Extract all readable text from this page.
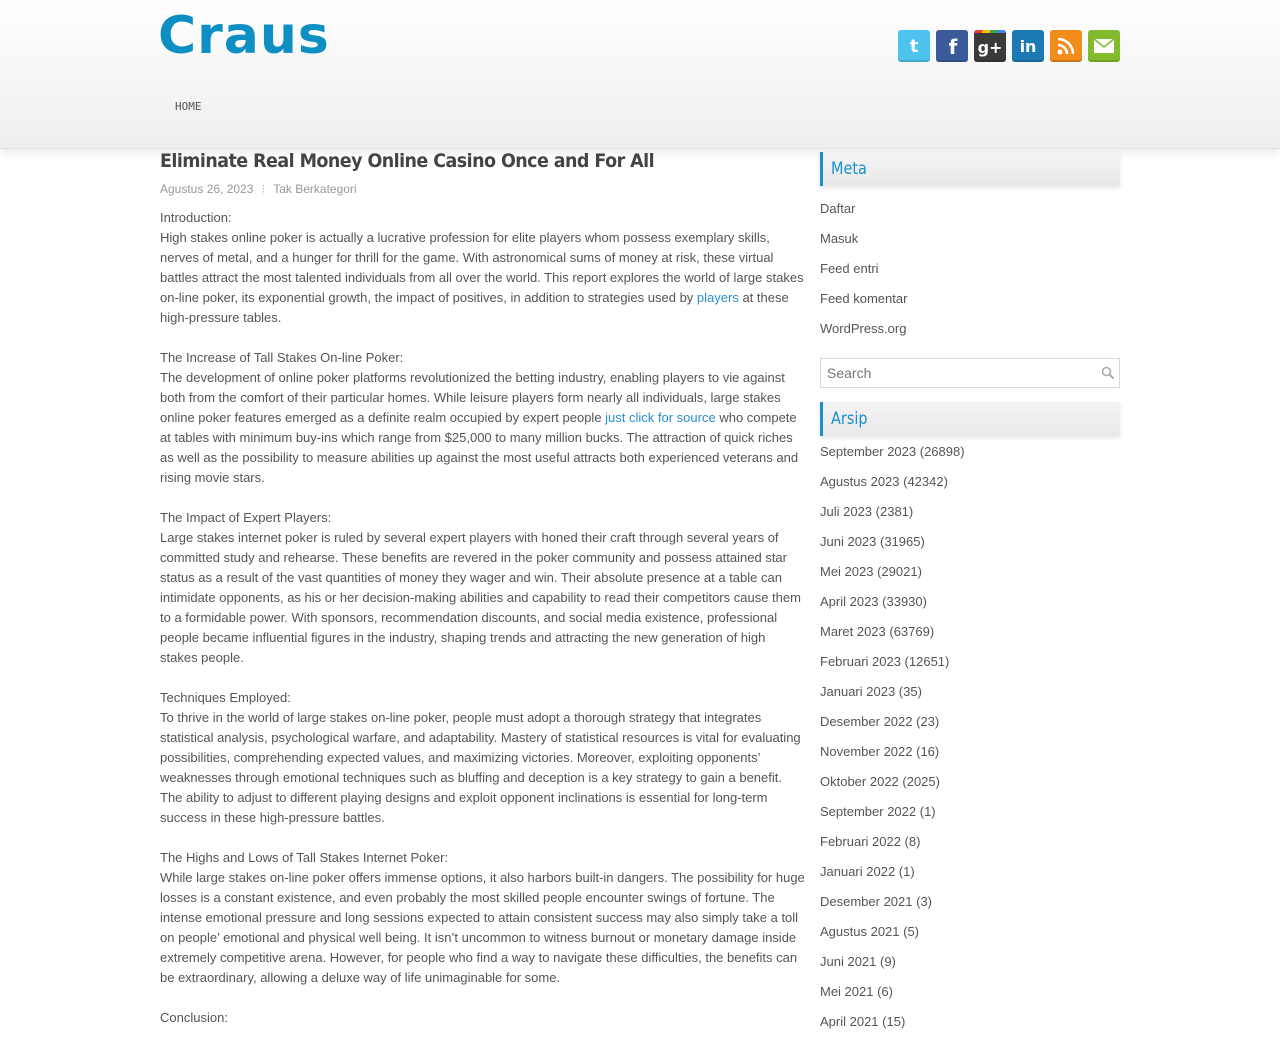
Craus	t f g+ in
HOME
Eliminate Real Money Online Casino Once and For All
Agustus 26, 2023 ⁝ Tak Berkategori

Introduction:
High stakes online poker is actually a lucrative profession for elite players whom possess exemplary skills, nerves of metal, and a hunger for thrill for the game. With astronomical sums of money at risk, these virtual battles attract the most talented individuals from all over the world. This report explores the world of large stakes on-line poker, its exponential growth, the impact of positives, in addition to strategies used by players at these high-pressure tables.

The Increase of Tall Stakes On-line Poker:
The development of online poker platforms revolutionized the betting industry, enabling players to vie against both from the comfort of their particular homes. While leisure players form nearly all individuals, large stakes online poker features emerged as a definite realm occupied by expert people just click for source who compete at tables with minimum buy-ins which range from $25,000 to many million bucks. The attraction of quick riches as well as the possibility to measure abilities up against the most useful attracts both experienced veterans and rising movie stars.

The Impact of Expert Players:
Large stakes internet poker is ruled by several expert players with honed their craft through several years of committed study and rehearse. These benefits are revered in the poker community and possess attained star status as a result of the vast quantities of money they wager and win. Their absolute presence at a table can intimidate opponents, as his or her decision-making abilities and capability to read their competitors cause them to a formidable power. With sponsors, recommendation discounts, and social media existence, professional people became influential figures in the industry, shaping trends and attracting the new generation of high stakes people.

Techniques Employed:
To thrive in the world of large stakes on-line poker, people must adopt a thorough strategy that integrates statistical analysis, psychological warfare, and adaptability. Mastery of statistical resources is vital for evaluating possibilities, comprehending expected values, and maximizing victories. Moreover, exploiting opponents’ weaknesses through emotional techniques such as bluffing and deception is a key strategy to gain a benefit. The ability to adjust to different playing designs and exploit opponent inclinations is essential for long-term success in these high-pressure battles.

The Highs and Lows of Tall Stakes Internet Poker:
While large stakes on-line poker offers immense options, it also harbors built-in dangers. The possibility for huge losses is a constant existence, and even probably the most skilled people encounter swings of fortune. The intense emotional pressure and long sessions expected to attain consistent success may also simply take a toll on people’ emotional and physical well being. It isn’t uncommon to witness burnout or monetary damage inside extremely competitive arena. However, for people who find a way to navigate these difficulties, the benefits can be extraordinary, allowing a deluxe way of life unimaginable for some.

Conclusion:

Meta
Daftar
Masuk
Feed entri
Feed komentar
WordPress.org
Search
Arsip
September 2023 (26898)
Agustus 2023 (42342)
Juli 2023 (2381)
Juni 2023 (31965)
Mei 2023 (29021)
April 2023 (33930)
Maret 2023 (63769)
Februari 2023 (12651)
Januari 2023 (35)
Desember 2022 (23)
November 2022 (16)
Oktober 2022 (2025)
September 2022 (1)
Februari 2022 (8)
Januari 2022 (1)
Desember 2021 (3)
Agustus 2021 (5)
Juni 2021 (9)
Mei 2021 (6)
April 2021 (15)
